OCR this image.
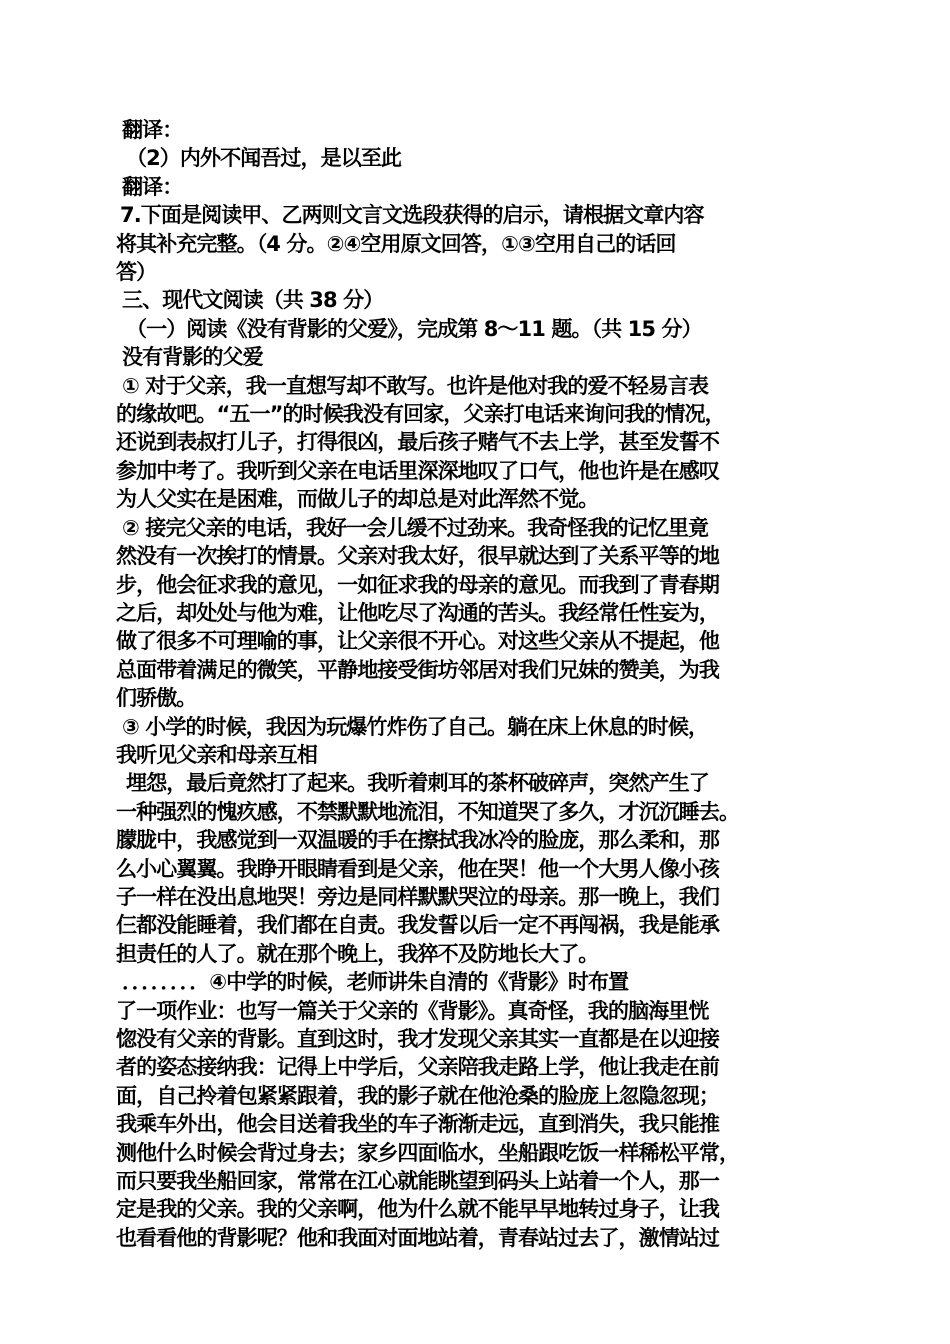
翻译：
（2）内外不闻吾过，是以至此
翻译：
7.下面是阅读甲、乙两则文言文选段获得的启示，请根据文章内容
将其补充完整。（4 分。②④空用原文回答，①③空用自己的话回
答）
三、现代文阅读（共 38 分）
（一）阅读《没有背影的父爱》，完成第 8～11 题。（共 15 分）
没有背影的父爱
① 对于父亲，我一直想写却不敢写。也许是他对我的爱不轻易言表
的缘故吧。“五一”的时候我没有回家，父亲打电话来询问我的情况，
还说到表叔打儿子，打得很凶，最后孩子赌气不去上学，甚至发誓不
参加中考了。我听到父亲在电话里深深地叹了口气，他也许是在感叹
为人父实在是困难，而做儿子的却总是对此浑然不觉。
② 接完父亲的电话，我好一会儿缓不过劲来。我奇怪我的记忆里竟
然没有一次挨打的情景。父亲对我太好，很早就达到了关系平等的地
步，他会征求我的意见，一如征求我的母亲的意见。而我到了青春期
之后，却处处与他为难，让他吃尽了沟通的苦头。我经常任性妄为，
做了很多不可理喻的事，让父亲很不开心。对这些父亲从不提起，他
总面带着满足的微笑，平静地接受街坊邻居对我们兄妹的赞美，为我
们骄傲。
③ 小学的时候，我因为玩爆竹炸伤了自己。躺在床上休息的时候，
我听见父亲和母亲互相
埋怨，最后竟然打了起来。我听着刺耳的茶杯破碎声，突然产生了
一种强烈的愧疚感，不禁默默地流泪，不知道哭了多久，才沉沉睡去。
朦胧中，我感觉到一双温暖的手在擦拭我冰冷的脸庞，那么柔和，那
么小心翼翼。我睁开眼睛看到是父亲，他在哭！他一个大男人像小孩
子一样在没出息地哭！旁边是同样默默哭泣的母亲。那一晚上，我们
仨都没能睡着，我们都在自责。我发誓以后一定不再闯祸，我是能承
担责任的人了。就在那个晚上，我猝不及防地长大了。
．．．．．．．．④中学的时候，老师讲朱自清的《背影》时布置
了一项作业：也写一篇关于父亲的《背影》。真奇怪，我的脑海里恍
惚没有父亲的背影。直到这时，我才发现父亲其实一直都是在以迎接
者的姿态接纳我：记得上中学后，父亲陪我走路上学，他让我走在前
面，自己拎着包紧紧跟着，我的影子就在他沧桑的脸庞上忽隐忽现；
我乘车外出，他会目送着我坐的车子渐渐走远，直到消失，我只能推
测他什么时候会背过身去；家乡四面临水，坐船跟吃饭一样稀松平常，
而只要我坐船回家，常常在江心就能眺望到码头上站着一个人，那一
定是我的父亲。我的父亲啊，他为什么就不能早早地转过身子，让我
也看看他的背影呢？他和我面对面地站着，青春站过去了，激情站过
